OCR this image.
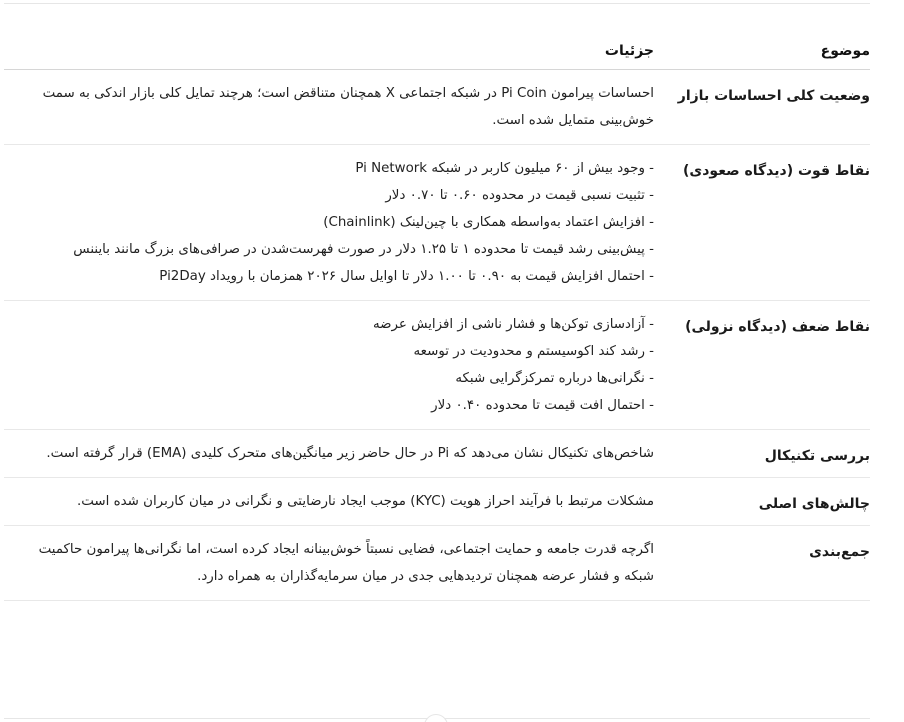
موضوع	جزئیات
وضعیت کلی احساسات بازار	احساسات پیرامون Pi Coin در شبکه اجتماعی X همچنان متناقض است؛ هرچند تمایل کلی بازار اندکی به سمت خوش‌بینی متمایل شده است.
نقاط قوت (دیدگاه صعودی)	- وجود بیش از ۶۰ میلیون کاربر در شبکه Pi Network
- تثبیت نسبی قیمت در محدوده ۰.۶۰ تا ۰.۷۰ دلار
- افزایش اعتماد به‌واسطه همکاری با چین‌لینک (Chainlink)
- پیش‌بینی رشد قیمت تا محدوده ۱ تا ۱.۲۵ دلار در صورت فهرست‌شدن در صرافی‌های بزرگ مانند بایننس
- احتمال افزایش قیمت به ۰.۹۰ تا ۱.۰۰ دلار تا اوایل سال ۲۰۲۶ همزمان با رویداد Pi2Day

نقاط ضعف (دیدگاه نزولی)	- آزادسازی توکن‌ها و فشار ناشی از افزایش عرضه
- رشد کند اکوسیستم و محدودیت در توسعه
- نگرانی‌ها درباره تمرکزگرایی شبکه
- احتمال افت قیمت تا محدوده ۰.۴۰ دلار

بررسی تکنیکال	شاخص‌های تکنیکال نشان می‌دهد که Pi در حال حاضر زیر میانگین‌های متحرک کلیدی (EMA) قرار گرفته است.
چالش‌های اصلی	مشکلات مرتبط با فرآیند احراز هویت (KYC) موجب ایجاد نارضایتی و نگرانی در میان کاربران شده است.
جمع‌بندی	اگرچه قدرت جامعه و حمایت اجتماعی، فضایی نسبتاً خوش‌بینانه ایجاد کرده است، اما نگرانی‌ها پیرامون حاکمیت شبکه و فشار عرضه همچنان تردیدهایی جدی در میان سرمایه‌گذاران به همراه دارد.
